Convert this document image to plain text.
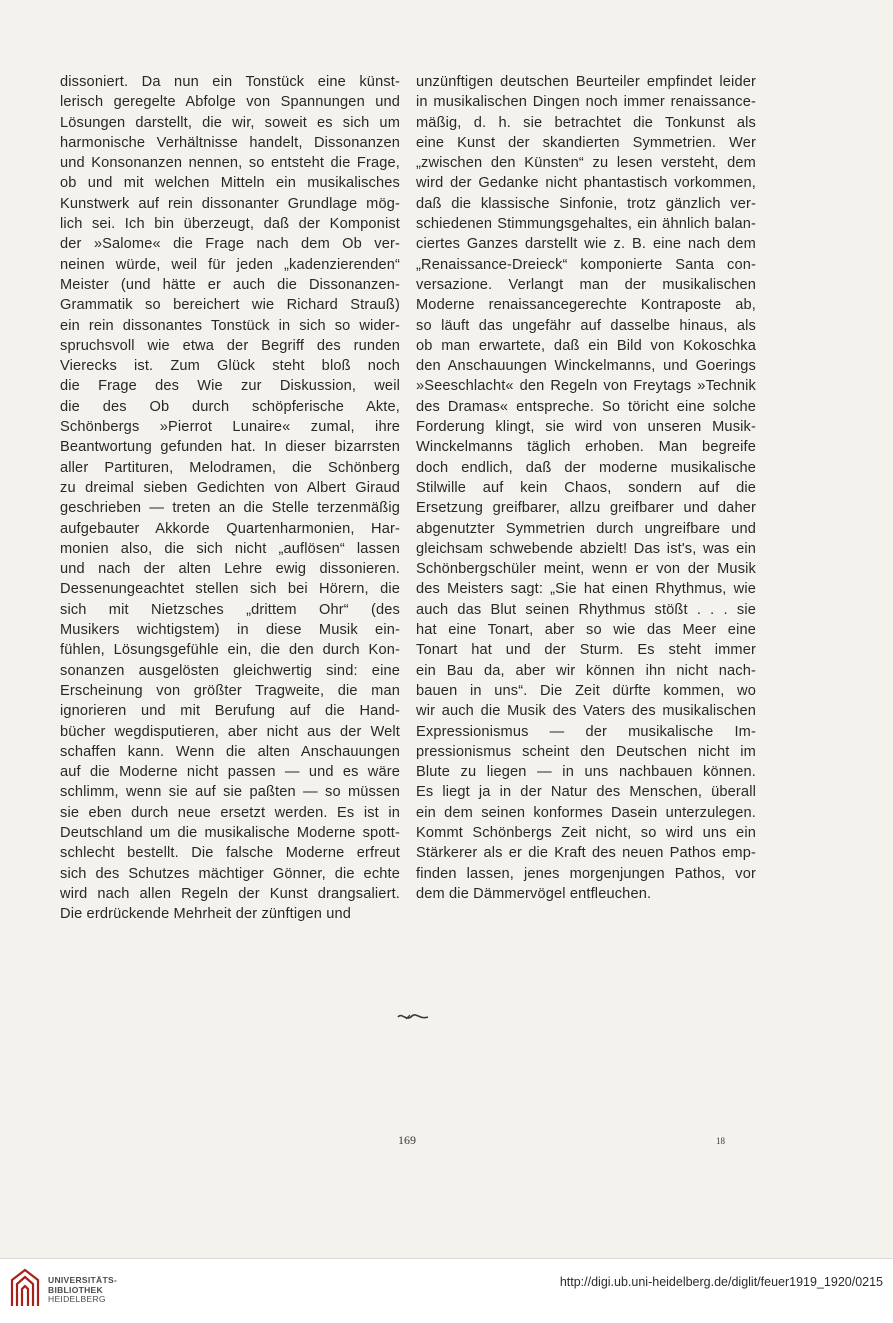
dissoniert. Da nun ein Tonstück eine künst-
lerisch geregelte Abfolge von Spannungen und
Lösungen darstellt, die wir, soweit es sich um
harmonische Verhältnisse handelt, Dissonanzen
und Konsonanzen nennen, so entsteht die Frage,
ob und mit welchen Mitteln ein musikalisches
Kunstwerk auf rein dissonanter Grundlage mög-
lich sei. Ich bin überzeugt, daß der Komponist
der »Salome« die Frage nach dem Ob ver-
neinen würde, weil für jeden „kadenzierenden“
Meister (und hätte er auch die Dissonanzen-
Grammatik so bereichert wie Richard Strauß)
ein rein dissonantes Tonstück in sich so wider-
spruchsvoll wie etwa der Begriff des runden
Vierecks ist. Zum Glück steht bloß noch
die Frage des Wie zur Diskussion, weil
die des Ob durch schöpferische Akte,
Schönbergs »Pierrot Lunaire« zumal, ihre
Beantwortung gefunden hat. In dieser bizarrsten
aller Partituren, Melodramen, die Schönberg
zu dreimal sieben Gedichten von Albert Giraud
geschrieben — treten an die Stelle terzenmäßig
aufgebauter Akkorde Quartenharmonien, Har-
monien also, die sich nicht „auflösen“ lassen
und nach der alten Lehre ewig dissonieren.
Dessenungeachtet stellen sich bei Hörern, die
sich mit Nietzsches „drittem Ohr“ (des
Musikers wichtigstem) in diese Musik ein-
fühlen, Lösungsgefühle ein, die den durch Kon-
sonanzen ausgelösten gleichwertig sind: eine
Erscheinung von größter Tragweite, die man
ignorieren und mit Berufung auf die Hand-
bücher wegdisputieren, aber nicht aus der Welt
schaffen kann. Wenn die alten Anschauungen
auf die Moderne nicht passen — und es wäre
schlimm, wenn sie auf sie paßten — so müssen
sie eben durch neue ersetzt werden. Es ist in
Deutschland um die musikalische Moderne spott-
schlecht bestellt. Die falsche Moderne erfreut
sich des Schutzes mächtiger Gönner, die echte
wird nach allen Regeln der Kunst drangsaliert.
Die erdrückende Mehrheit der zünftigen und
unzünftigen deutschen Beurteiler empfindet leider
in musikalischen Dingen noch immer renaissance-
mäßig, d. h. sie betrachtet die Tonkunst als
eine Kunst der skandierten Symmetrien. Wer
„zwischen den Künsten“ zu lesen versteht, dem
wird der Gedanke nicht phantastisch vorkommen,
daß die klassische Sinfonie, trotz gänzlich ver-
schiedenen Stimmungsgehaltes, ein ähnlich balan-
ciertes Ganzes darstellt wie z. B. eine nach dem
„Renaissance-Dreieck“ komponierte Santa con-
versazione. Verlangt man der musikalischen
Moderne renaissancegerechte Kontraposte ab,
so läuft das ungefähr auf dasselbe hinaus, als
ob man erwartete, daß ein Bild von Kokoschka
den Anschauungen Winckelmanns, und Goerings
»Seeschlacht« den Regeln von Freytags »Technik
des Dramas« entspreche. So töricht eine solche
Forderung klingt, sie wird von unseren Musik-
Winckelmanns täglich erhoben. Man begreife
doch endlich, daß der moderne musikalische
Stilwille auf kein Chaos, sondern auf die
Ersetzung greifbarer, allzu greifbarer und daher
abgenutzter Symmetrien durch ungreifbare und
gleichsam schwebende abzielt! Das ist's, was ein
Schönbergschüler meint, wenn er von der Musik
des Meisters sagt: „Sie hat einen Rhythmus, wie
auch das Blut seinen Rhythmus stößt . . . sie
hat eine Tonart, aber so wie das Meer eine
Tonart hat und der Sturm. Es steht immer
ein Bau da, aber wir können ihn nicht nach-
bauen in uns“. Die Zeit dürfte kommen, wo
wir auch die Musik des Vaters des musikalischen
Expressionismus — der musikalische Im-
pressionismus scheint den Deutschen nicht im
Blute zu liegen — in uns nachbauen können.
Es liegt ja in der Natur des Menschen, überall
ein dem seinen konformes Dasein unterzulegen.
Kommt Schönbergs Zeit nicht, so wird uns ein
Stärkerer als er die Kraft des neuen Pathos emp-
finden lassen, jenes morgenjungen Pathos, vor
dem die Dämmervögel entfleuchen.
169	18
UNIVERSITÄTS-
BIBLIOTHEK
HEIDELBERG
http://digi.ub.uni-heidelberg.de/diglit/feuer1919_1920/0215
